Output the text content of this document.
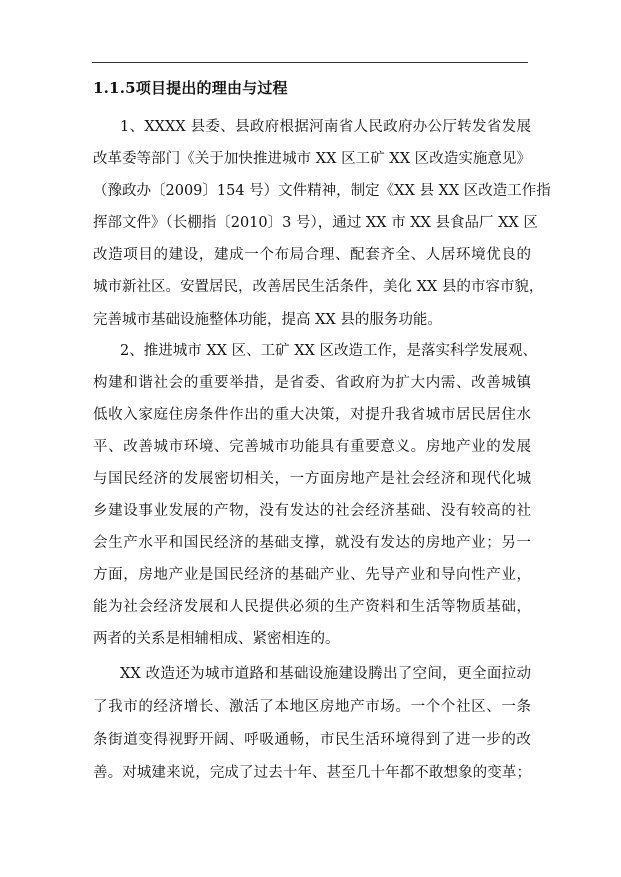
1.1.5项目提出的理由与过程
1、XXXX 县委、县政府根据河南省人民政府办公厅转发省发展
改革委等部门《关于加快推进城市 XX 区工矿 XX 区改造实施意见》
（豫政办〔2009〕154 号）文件精神，制定《XX 县 XX 区改造工作指
挥部文件》（长棚指〔2010〕3 号），通过 XX 市 XX 县食品厂 XX 区
改造项目的建设，建成一个布局合理、配套齐全、人居环境优良的
城市新社区。安置居民，改善居民生活条件，美化 XX 县的市容市貌，
完善城市基础设施整体功能，提高 XX 县的服务功能。
2、推进城市 XX 区、工矿 XX 区改造工作，是落实科学发展观、
构建和谐社会的重要举措，是省委、省政府为扩大内需、改善城镇
低收入家庭住房条件作出的重大决策，对提升我省城市居民居住水
平、改善城市环境、完善城市功能具有重要意义。房地产业的发展
与国民经济的发展密切相关，一方面房地产是社会经济和现代化城
乡建设事业发展的产物，没有发达的社会经济基础、没有较高的社
会生产水平和国民经济的基础支撑，就没有发达的房地产业；另一
方面，房地产业是国民经济的基础产业、先导产业和导向性产业，
能为社会经济发展和人民提供必须的生产资料和生活等物质基础，
两者的关系是相辅相成、紧密相连的。
XX 改造还为城市道路和基础设施建设腾出了空间，更全面拉动
了我市的经济增长、激活了本地区房地产市场。一个个社区、一条
条街道变得视野开阔、呼吸通畅，市民生活环境得到了进一步的改
善。对城建来说，完成了过去十年、甚至几十年都不敢想象的变革；
